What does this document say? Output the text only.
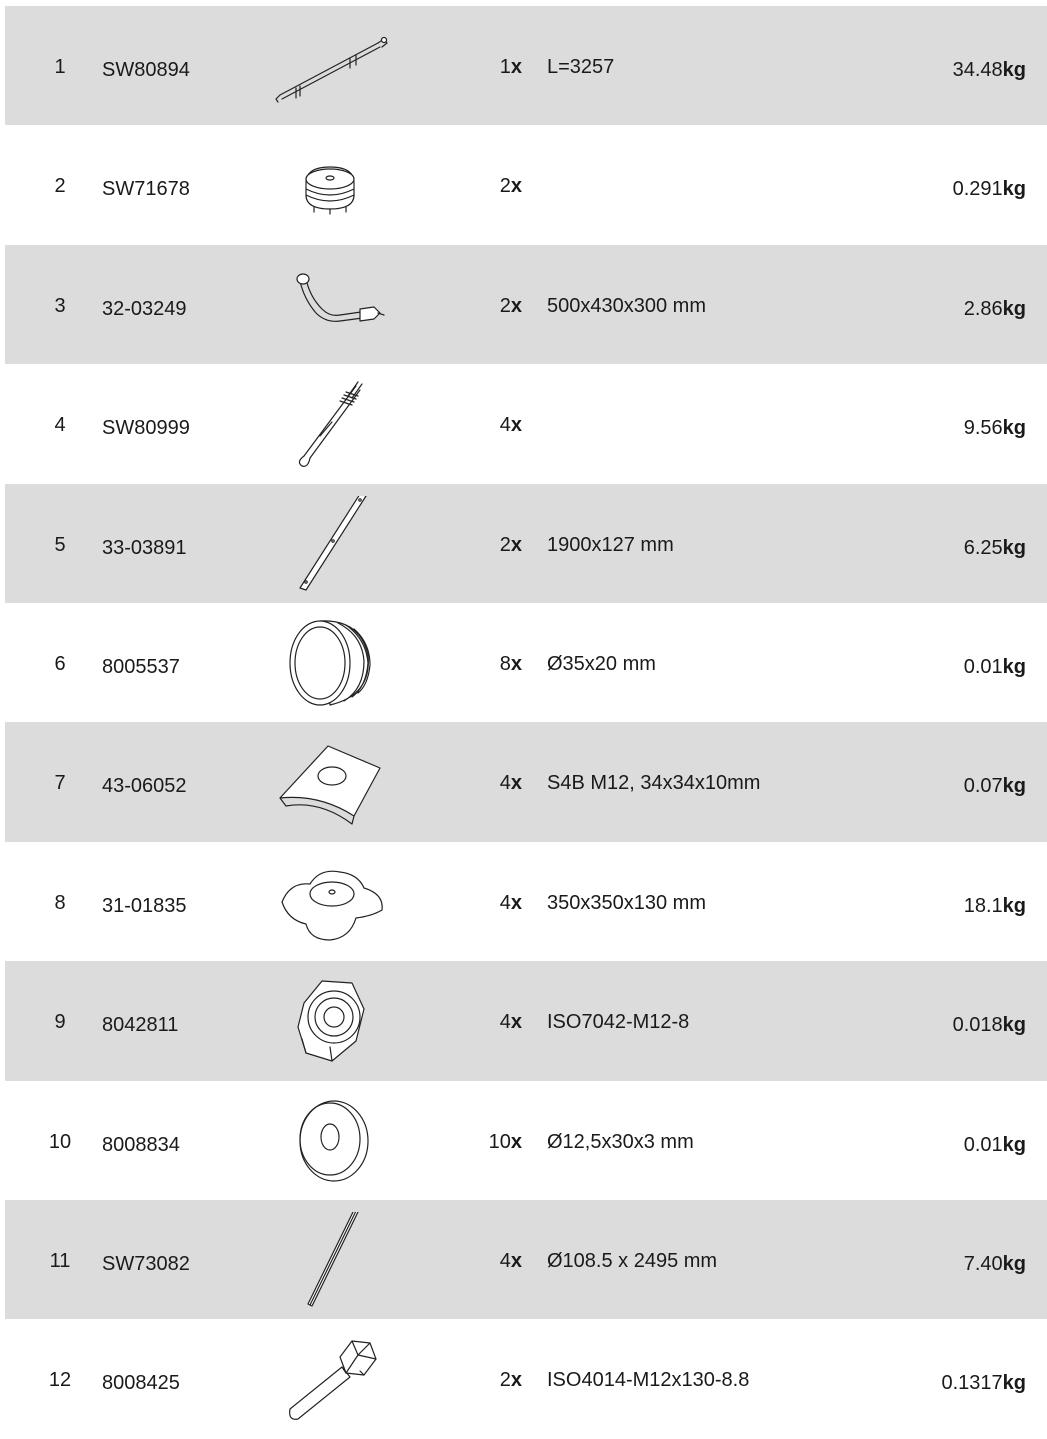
1	SW80894	1x L=3257	34.48kg
2	SW71678	2x	0.291kg
3	32-03249	2x 500x430x300 mm	2.86kg
4	SW80999	4x	9.56kg
5	33-03891	2x 1900x127 mm	6.25kg
6	8005537	8x Ø35x20 mm	0.01kg
7	43-06052	4x S4B M12, 34x34x10mm	0.07kg
8	31-01835	4x 350x350x130 mm	18.1kg
9	8042811	4x ISO7042-M12-8	0.018kg
10 8008834	10x Ø12,5x30x3 mm	0.01kg
11 SW73082	4x Ø108.5 x 2495 mm	7.40kg
12 8008425	2x ISO4014-M12x130-8.8	0.1317kg
